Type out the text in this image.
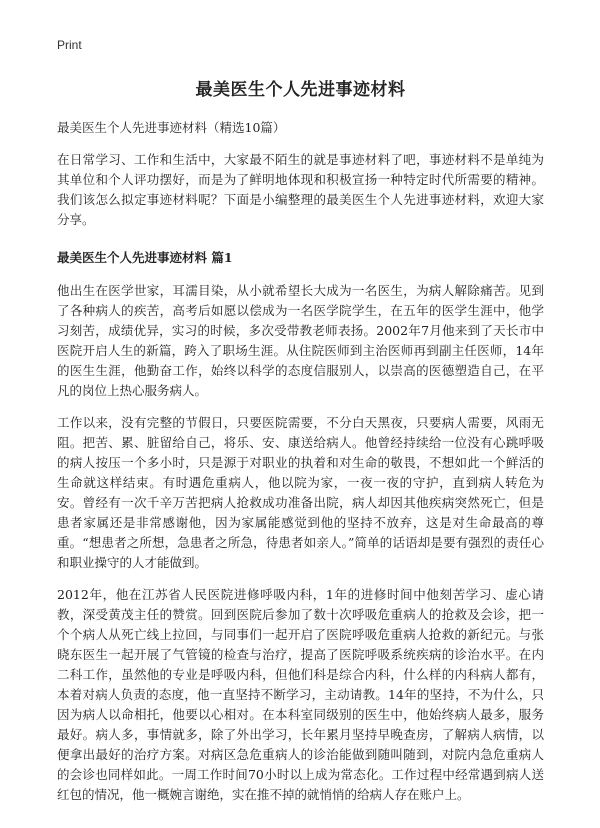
Print
最美医生个人先进事迹材料
最美医生个人先进事迹材料（精选10篇）

在日常学习、工作和生活中，大家最不陌生的就是事迹材料了吧，事迹材料不是单纯为其单位和个人评功摆好，而是为了鲜明地体现和积极宣扬一种特定时代所需要的精神。我们该怎么拟定事迹材料呢？下面是小编整理的最美医生个人先进事迹材料，欢迎大家分享。

最美医生个人先进事迹材料 篇1

他出生在医学世家，耳濡目染，从小就希望长大成为一名医生，为病人解除痛苦。见到了各种病人的疾苦，高考后如愿以偿成为一名医学院学生，在五年的医学生涯中，他学习刻苦，成绩优异，实习的时候，多次受带教老师表扬。2002年7月他来到了天长市中医院开启人生的新篇，跨入了职场生涯。从住院医师到主治医师再到副主任医师，14年的医生生涯，他勤奋工作，始终以科学的态度信服别人，以崇高的医德塑造自己，在平凡的岗位上热心服务病人。

工作以来，没有完整的节假日，只要医院需要，不分白天黑夜，只要病人需要，风雨无阻。把苦、累、脏留给自己，将乐、安、康送给病人。他曾经持续给一位没有心跳呼吸的病人按压一个多小时，只是源于对职业的执着和对生命的敬畏，不想如此一个鲜活的生命就这样结束。有时遇危重病人，他以院为家，一夜一夜的守护，直到病人转危为安。曾经有一次千辛万苦把病人抢救成功准备出院，病人却因其他疾病突然死亡，但是患者家属还是非常感谢他，因为家属能感觉到他的坚持不放弃，这是对生命最高的尊重。“想患者之所想，急患者之所急，待患者如亲人。”简单的话语却是要有强烈的责任心和职业操守的人才能做到。

2012年，他在江苏省人民医院进修呼吸内科，1年的进修时间中他刻苦学习、虚心请教，深受黄茂主任的赞赏。回到医院后参加了数十次呼吸危重病人的抢救及会诊，把一个个病人从死亡线上拉回，与同事们一起开启了医院呼吸危重病人抢救的新纪元。与张晓东医生一起开展了气管镜的检查与治疗，提高了医院呼吸系统疾病的诊治水平。在内二科工作，虽然他的专业是呼吸内科，但他们科是综合内科，什么样的内科病人都有，本着对病人负责的态度，他一直坚持不断学习，主动请教。14年的坚持，不为什么，只因为病人以命相托，他要以心相对。在本科室同级别的医生中，他始终病人最多，服务最好。病人多，事情就多，除了外出学习，长年累月坚持早晚查房，了解病人病情，以便拿出最好的治疗方案。对病区急危重病人的诊治能做到随叫随到，对院内急危重病人的会诊也同样如此。一周工作时间70小时以上成为常态化。工作过程中经常遇到病人送红包的情况，他一概婉言谢绝，实在推不掉的就悄悄的给病人存在账户上。
